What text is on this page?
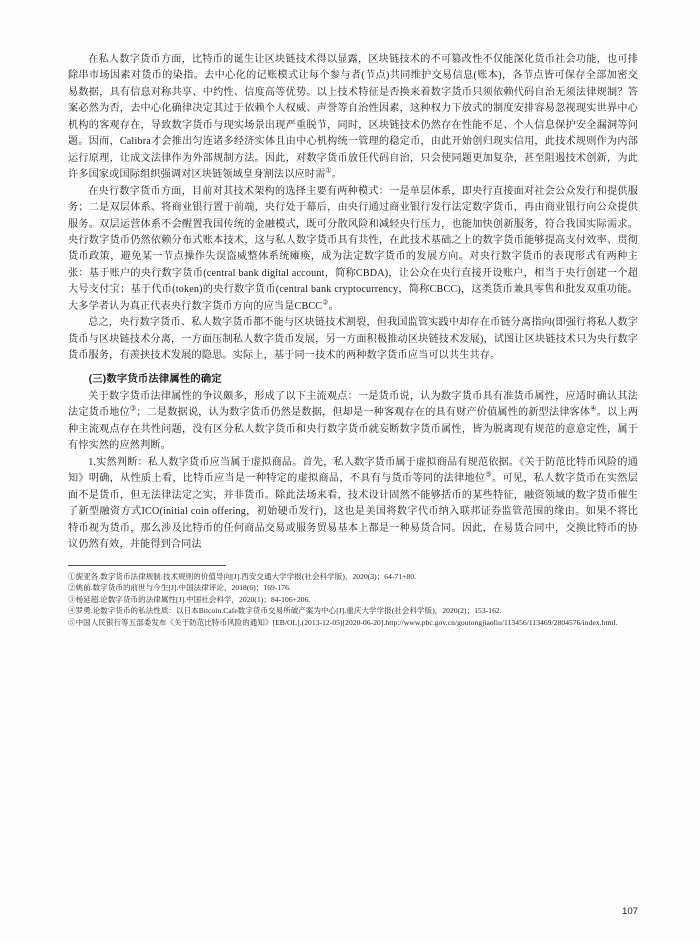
在私人数字货币方面，比特币的诞生让区块链技术得以显露，区块链技术的不可篡改性不仅能深化货币社会功能，也可排除串市场因素对货币的染指。去中心化的记账模式让每个参与者(节点)共同维护交易信息(账本)，各节点皆可保存全部加密交易数据，具有信息对称共享、中约性、信度高等优势。以上技术特征是否换来着数字货币只须依赖代码自治无须法律规制？答案必然为否，去中心化确律决定其过于依赖个人权威、声誉等自治性因素，这种权力下放式的制度安排容易忽视现实世界中心机构的客观存在，导致数字货币与现实场景出现严重脱节，同时，区块链技术仍然存在性能不足、个人信息保护安全漏洞等问题。因而，Calibra才会推出匀连诸多经济实体且由中心机构统一管理的稳定币，由此开始创归现实信用，此技术规则作为内部运行原理，让成文法律作为外部规制方法。因此，对数字货币放任代码自治，只会使同题更加复杂，甚至阻遏技术创新，为此许多国家或国际组织强调对区块链领域皇身割法以应时需①。

在央行数字货币方面，目前对其技术架构的选择主要有两种模式：一是单层体系，即央行直接面对社会公众发行和提供服务；二是双层体系、将商业银行置于前端，央行处于幕后，由央行通过商业银行发行法定数字货币，再由商业银行向公众提供服务。双层运营体系不会醒置我国传统的金融模式，既可分散风险和减轻央行压力，也能加快创新服务，符合我国实际需求。央行数字货币仍然依赖分布式账本技术，这与私人数字货币具有共性，在此技术基础之上的数字货币能够提高支付效率、贯彻货币政策，避免某一节点操作失误盗威整体系统瘫痪，成为法定数字货币的发展方向。对央行数字货币的表现形式有两种主张：基于账户的央行数字货币(central bank digital account，简称CBDA)，让公众在央行直接开设账户，相当于央行创建一个超大号支付宝；基于代币(token)的央行数字货币(central bank cryptocurrency，简称CBCC)，这类货币兼具零售和批发双重功能。大多学者认为真正代表央行数字货币方向的应当是CBCC②。

总之，央行数字货币、私人数字货币都不能与区块链技术割裂，但我国监管实践中却存在币链分离指向(即强行将私人数字货币与区块链技术分离，一方面压制私人数字货币发展，另一方面积极推动区块链技术发展)，试图让区块链技术只为央行数字货币服务，有羡挟技术发展的隐思。实际上，基于同一技术的两种数字货币应当可以共生共存。

(三)数字货币法律属性的确定

关于数字货币法律属性的争议颇多，形成了以下主流观点：一是货币说，认为数字货币具有准货币属性，应适时确认其法法定货币地位③；二是数据说，认为数字货币仍然是数据，但却是一种客观存在的具有财产价值属性的新型法律客体④。以上两种主流观点存在共性问题，没有区分私人数字货币和央行数字货币就妄断数字货币属性，皆为脱离现有规范的意意定性，属于有悖实然的应然判断。

1.实然判断：私人数字货币应当属于虚拟商品。首先，私人数字货币属于虚拟商品有规范依据。《关于防范比特币风险的通知》明确，从性质上看，比特币应当是一种特定的虚拟商品，不具有与货币等同的法律地位⑤。可见，私人数字货币在实然层面不是货币，但无法律法定之实，并非货币。除此法场来看，技术设计固然不能够括币的某些特征，融资领域的数字货币催生了新型融资方式ICO(initial coin offering，初始硬币发行)，这也是美国将数字代币纳入联邦证券监管范围的缘由。如果不将比特币视为货币，那么涉及比特币的任何商品交易或服务贸易基本上都是一种易货合同。因此，在易货合同中，交换比特币的协议仍然有效，并能得到合同法

①旎亚各.数字货币法律规制:技术规则的价值导向[J].西安交通大学学报(社会科学版)，2020(3)；64-71+80.

②姚前.数字货币的前世与今生[J].中国法律评论，2018(6)；169-176.

③杨延超.论数字货币的法律属性[J].中国社会科学，2020(1)；84-106+206.

④罗勇.论数字货币的私法性质：以日本Bitcoin.Cafe数字货币交易所破产案为中心[J].重庆大学学报(社会科学版)，2020(2)；153-162.

⑤中国人民银行等五部委发布《关于防范比特币风险的通知》[EB/OL].(2013-12-05)[2020-06-20].http://www.pbc.gov.cn/goutongjiaoliu/113456/113469/2804576/index.html.

107
